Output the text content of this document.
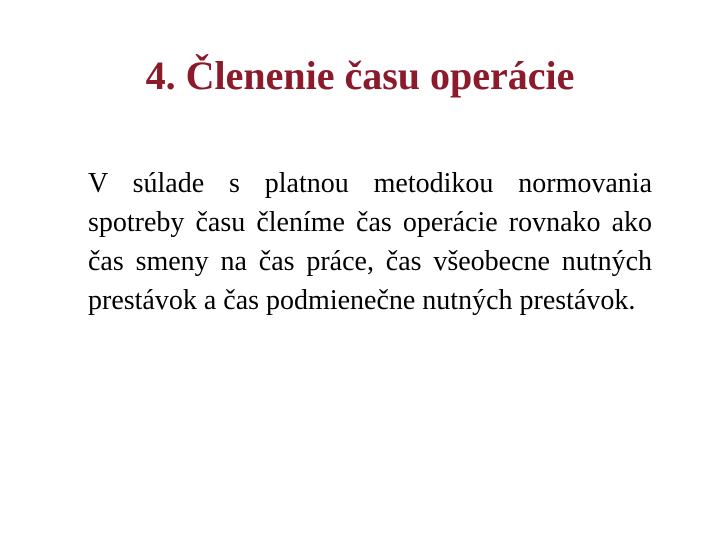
4. Členenie času operácie

V súlade s platnou metodikou normovania spotreby času členíme čas operácie rovnako ako čas smeny na čas práce, čas všeobecne nutných prestávok a čas podmienečne nutných prestávok.
